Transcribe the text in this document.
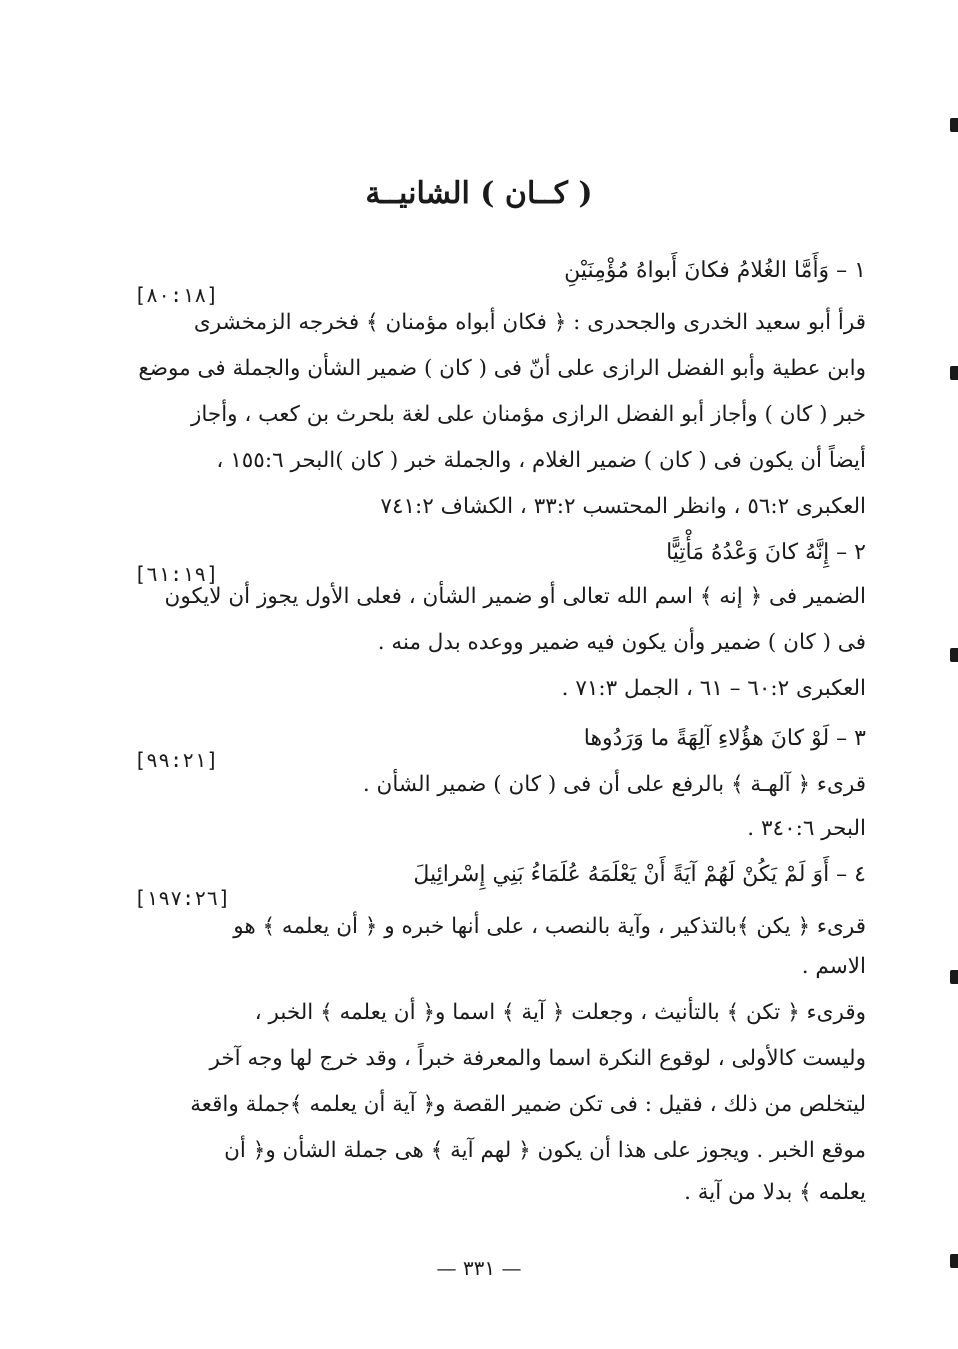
( كــان ) الشانيــة
١ – وَأَمَّا الغُلامُ فكانَ أَبواهُ مُؤْمِنَيْنِ
[٨٠:١٨]
قرأ أبو سعيد الخدرى والجحدرى : ﴿ فكان أبواه مؤمنان ﴾ فخرجه الزمخشرى
وابن عطية وأبو الفضل الرازى على أنّ فى ( كان ) ضمير الشأن والجملة فى موضع
خبر ( كان ) وأجاز أبو الفضل الرازى مؤمنان على لغة بلحرث بن كعب ، وأجاز
أيضاً أن يكون فى ( كان ) ضمير الغلام ، والجملة خبر ( كان )البحر ١٥٥:٦ ،
العكبرى ٥٦:٢ ، وانظر المحتسب ٣٣:٢ ، الكشاف ٧٤١:٢
٢ – إِنَّهُ كانَ وَعْدُهُ مَأْتِيًّا
[٦١:١٩]
الضمير فى ﴿ إنه ﴾ اسم الله تعالى أو ضمير الشأن ، فعلى الأول يجوز أن لايكون
فى ( كان ) ضمير وأن يكون فيه ضمير ووعده بدل منه .
العكبرى ٦٠:٢ – ٦١ ، الجمل ٧١:٣ .
٣ – لَوْ كانَ هؤُلاءِ آلِهَةً ما وَرَدُوها
[٩٩:٢١]
قرىء ﴿ آلهـة ﴾ بالرفع على أن فى ( كان ) ضمير الشأن .
البحر ٣٤٠:٦ .
٤ – أَوَ لَمْ يَكُنْ لَهُمْ آيَةً أَنْ يَعْلَمَهُ عُلَمَاءُ بَنِي إِسْرائِيلَ
[١٩٧:٢٦]
قرىء ﴿ يكن ﴾بالتذكير ، وآية بالنصب ، على أنها خبره و ﴿ أن يعلمه ﴾ هو
الاسم .
وقرىء ﴿ تكن ﴾ بالتأنيث ، وجعلت ﴿ آية ﴾ اسما و﴿ أن يعلمه ﴾ الخبر ،
وليست كالأولى ، لوقوع النكرة اسما والمعرفة خبراً ، وقد خرج لها وجه آخر
ليتخلص من ذلك ، فقيل : فى تكن ضمير القصة و﴿ آية أن يعلمه ﴾جملة واقعة
موقع الخبر . ويجوز على هذا أن يكون ﴿ لهم آية ﴾ هى جملة الشأن و﴿ أن
يعلمه ﴾ بدلا من آية .
— ٣٣١ —
